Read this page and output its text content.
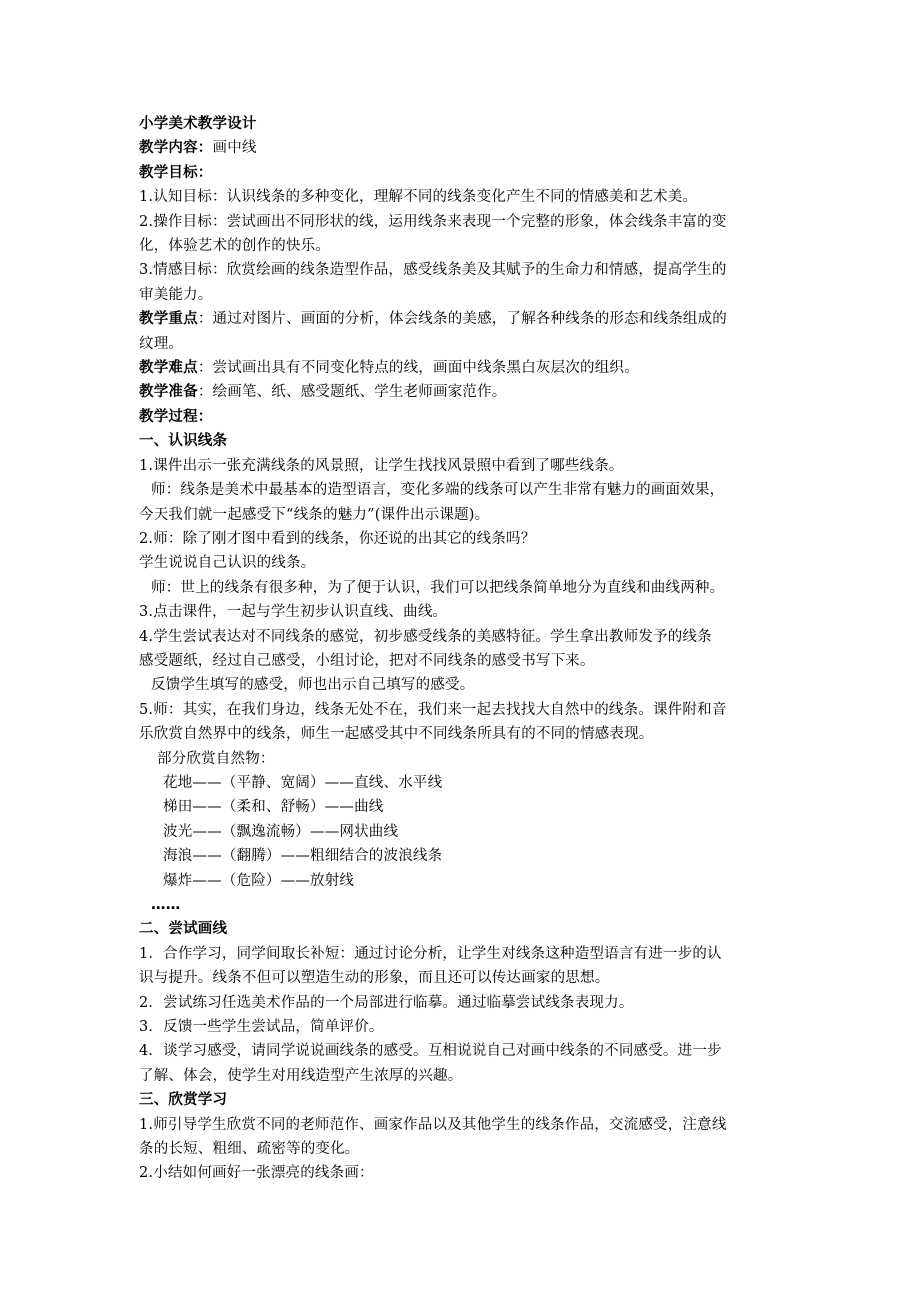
小学美术教学设计
教学内容：画中线
教学目标：
1.认知目标：认识线条的多种变化，理解不同的线条变化产生不同的情感美和艺术美。
2.操作目标：尝试画出不同形状的线，运用线条来表现一个完整的形象，体会线条丰富的变
化，体验艺术的创作的快乐。
3.情感目标：欣赏绘画的线条造型作品，感受线条美及其赋予的生命力和情感，提高学生的
审美能力。
教学重点：通过对图片、画面的分析，体会线条的美感，了解各种线条的形态和线条组成的
纹理。
教学难点：尝试画出具有不同变化特点的线，画面中线条黑白灰层次的组织。
教学准备：绘画笔、纸、感受题纸、学生老师画家范作。
教学过程：
一、认识线条
1.课件出示一张充满线条的风景照，让学生找找风景照中看到了哪些线条。
师：线条是美术中最基本的造型语言，变化多端的线条可以产生非常有魅力的画面效果，
今天我们就一起感受下“线条的魅力”(课件出示课题)。
2.师：除了刚才图中看到的线条，你还说的出其它的线条吗？
学生说说自己认识的线条。
师：世上的线条有很多种，为了便于认识，我们可以把线条简单地分为直线和曲线两种。
3.点击课件，一起与学生初步认识直线、曲线。
4.学生尝试表达对不同线条的感觉，初步感受线条的美感特征。学生拿出教师发予的线条
感受题纸，经过自己感受，小组讨论，把对不同线条的感受书写下来。
反馈学生填写的感受，师也出示自己填写的感受。
5.师：其实，在我们身边，线条无处不在，我们来一起去找找大自然中的线条。课件附和音
乐欣赏自然界中的线条，师生一起感受其中不同线条所具有的不同的情感表现。
部分欣赏自然物：
花地——（平静、宽阔）——直线、水平线
梯田——（柔和、舒畅）——曲线
波光——（飘逸流畅）——网状曲线
海浪——（翻腾）——粗细结合的波浪线条
爆炸——（危险）——放射线
……
二、尝试画线
1．合作学习，同学间取长补短：通过讨论分析，让学生对线条这种造型语言有进一步的认
识与提升。线条不但可以塑造生动的形象，而且还可以传达画家的思想。
2．尝试练习任选美术作品的一个局部进行临摹。通过临摹尝试线条表现力。
3．反馈一些学生尝试品，简单评价。
4．谈学习感受，请同学说说画线条的感受。互相说说自己对画中线条的不同感受。进一步
了解、体会，使学生对用线造型产生浓厚的兴趣。
三、欣赏学习
1.师引导学生欣赏不同的老师范作、画家作品以及其他学生的线条作品，交流感受，注意线
条的长短、粗细、疏密等的变化。
2.小结如何画好一张漂亮的线条画：
